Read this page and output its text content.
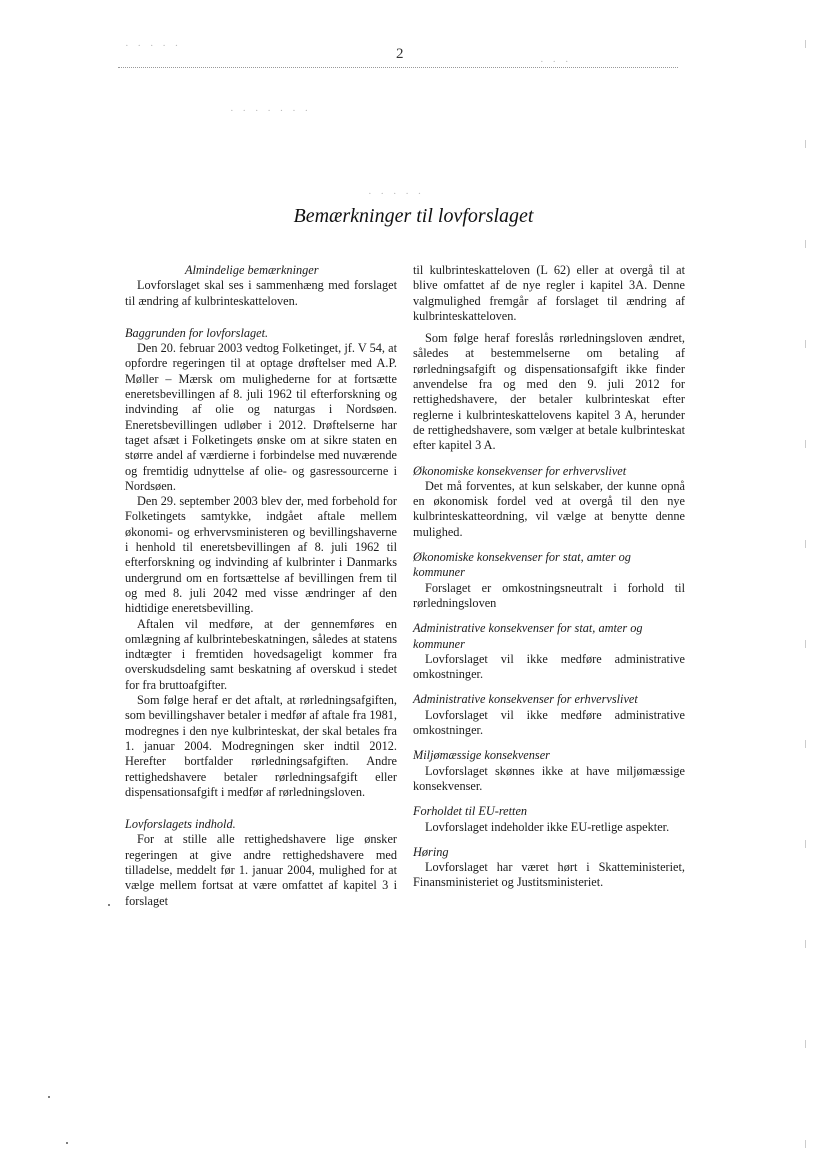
· · · · ·
· · ·
2
· · · · · · ·
· · · · ·
Bemærkninger til lovforslaget
Almindelige bemærkninger

Lovforslaget skal ses i sammenhæng med forslaget til ændring af kulbrinteskatteloven.

Baggrunden for lovforslaget.

Den 20. februar 2003 vedtog Folketinget, jf. V 54, at opfordre regeringen til at optage drøftelser med A.P. Møller – Mærsk om mulighederne for at fortsætte eneretsbevillingen af 8. juli 1962 til efterforskning og indvinding af olie og naturgas i Nordsøen. Eneretsbevillingen udløber i 2012. Drøftelserne har taget afsæt i Folketingets ønske om at sikre staten en større andel af værdierne i forbindelse med nuværende og fremtidig udnyttelse af olie- og gasressourcerne i Nordsøen.

Den 29. september 2003 blev der, med forbehold for Folketingets samtykke, indgået aftale mellem økonomi- og erhvervsministeren og bevillingshaverne i henhold til eneretsbevillingen af 8. juli 1962 til efterforskning og indvinding af kulbrinter i Danmarks undergrund om en fortsættelse af bevillingen frem til og med 8. juli 2042 med visse ændringer af den hidtidige eneretsbevilling.

Aftalen vil medføre, at der gennemføres en omlægning af kulbrintebeskatningen, således at statens indtægter i fremtiden hovedsageligt kommer fra overskudsdeling samt beskatning af overskud i stedet for fra bruttoafgifter.

Som følge heraf er det aftalt, at rørledningsafgiften, som bevillingshaver betaler i medfør af aftale fra 1981, modregnes i den nye kulbrinteskat, der skal betales fra 1. januar 2004. Modregningen sker indtil 2012. Herefter bortfalder rørledningsafgiften. Andre rettighedshavere betaler rørledningsafgift eller dispensationsafgift i medfør af rørledningsloven.

Lovforslagets indhold.

For at stille alle rettighedshavere lige ønsker regeringen at give andre rettighedshavere med tilladelse, meddelt før 1. januar 2004, mulighed for at vælge mellem fortsat at være omfattet af kapitel 3 i forslaget

til kulbrinteskatteloven (L 62) eller at overgå til at blive omfattet af de nye regler i kapitel 3A. Denne valgmulighed fremgår af forslaget til ændring af kulbrinteskatteloven.

Som følge heraf foreslås rørledningsloven ændret, således at bestemmelserne om betaling af rørledningsafgift og dispensationsafgift ikke finder anvendelse fra og med den 9. juli 2012 for rettighedshavere, der betaler kulbrinteskat efter reglerne i kulbrinteskattelovens kapitel 3 A, herunder de rettighedshavere, som vælger at betale kulbrinteskat efter kapitel 3 A.

Økonomiske konsekvenser for erhvervslivet

Det må forventes, at kun selskaber, der kunne opnå en økonomisk fordel ved at overgå til den nye kulbrinteskatteordning, vil vælge at benytte denne mulighed.

Økonomiske konsekvenser for stat, amter og kommuner

Forslaget er omkostningsneutralt i forhold til rørledningsloven

Administrative konsekvenser for stat, amter og kommuner

Lovforslaget vil ikke medføre administrative omkostninger.

Administrative konsekvenser for erhvervslivet

Lovforslaget vil ikke medføre administrative omkostninger.

Miljømæssige konsekvenser

Lovforslaget skønnes ikke at have miljømæssige konsekvenser.

Forholdet til EU-retten

Lovforslaget indeholder ikke EU-retlige aspekter.

Høring

Lovforslaget har været hørt i Skatteministeriet, Finansministeriet og Justitsministeriet.
